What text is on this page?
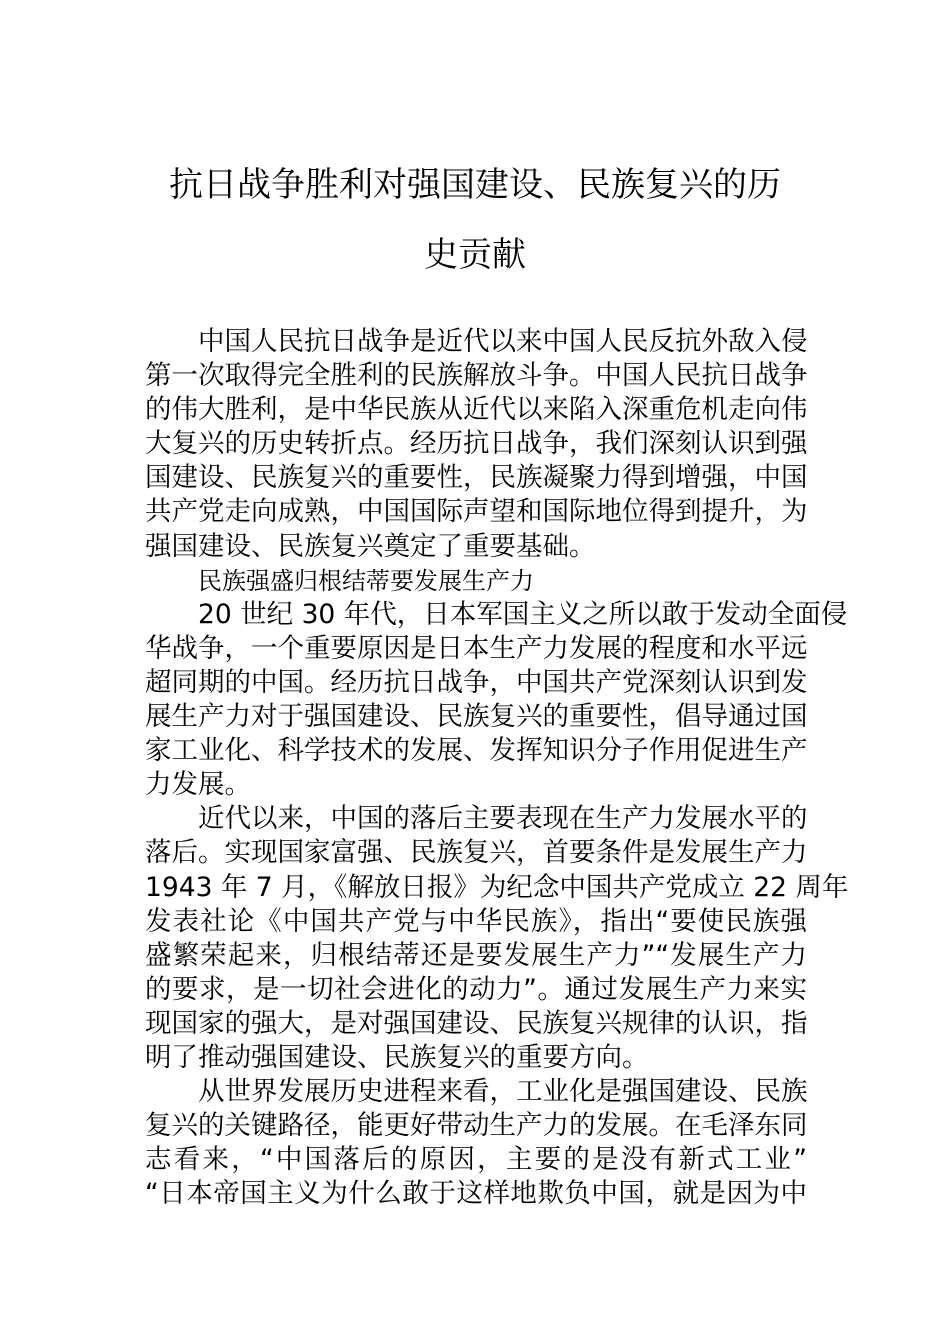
抗日战争胜利对强国建设、民族复兴的历
史贡献
中国人民抗日战争是近代以来中国人民反抗外敌入侵
第一次取得完全胜利的民族解放斗争。中国人民抗日战争
的伟大胜利，是中华民族从近代以来陷入深重危机走向伟
大复兴的历史转折点。经历抗日战争，我们深刻认识到强
国建设、民族复兴的重要性，民族凝聚力得到增强，中国
共产党走向成熟，中国国际声望和国际地位得到提升，为
强国建设、民族复兴奠定了重要基础。
民族强盛归根结蒂要发展生产力
20 世纪 30 年代，日本军国主义之所以敢于发动全面侵
华战争，一个重要原因是日本生产力发展的程度和水平远
超同期的中国。经历抗日战争，中国共产党深刻认识到发
展生产力对于强国建设、民族复兴的重要性，倡导通过国
家工业化、科学技术的发展、发挥知识分子作用促进生产
力发展。
近代以来，中国的落后主要表现在生产力发展水平的
落后。实现国家富强、民族复兴，首要条件是发展生产力
1943 年 7 月，《解放日报》为纪念中国共产党成立 22 周年
发表社论《中国共产党与中华民族》，指出“要使民族强
盛繁荣起来，归根结蒂还是要发展生产力”“发展生产力
的要求，是一切社会进化的动力”。通过发展生产力来实
现国家的强大，是对强国建设、民族复兴规律的认识，指
明了推动强国建设、民族复兴的重要方向。
从世界发展历史进程来看，工业化是强国建设、民族
复兴的关键路径，能更好带动生产力的发展。在毛泽东同
志看来，“中国落后的原因，主要的是没有新式工业”
“日本帝国主义为什么敢于这样地欺负中国，就是因为中
